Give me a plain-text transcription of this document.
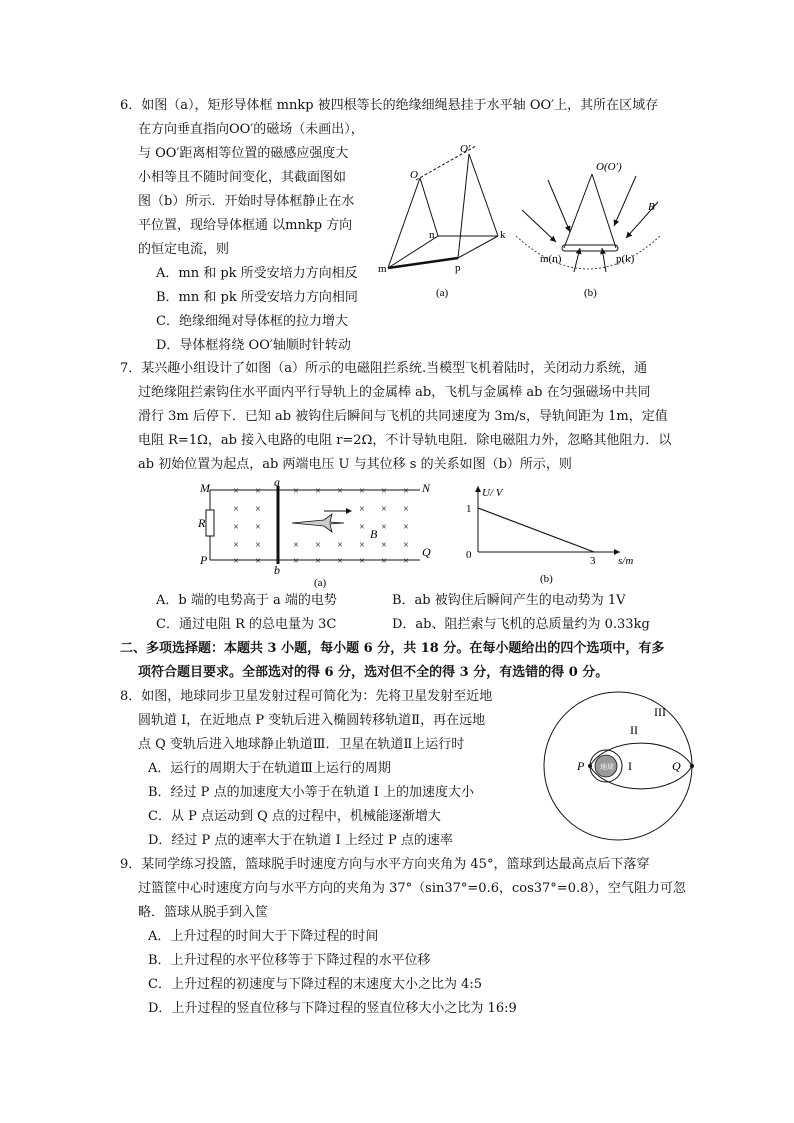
6．如图（a），矩形导体框 mnkp 被四根等长的绝缘细绳悬挂于水平轴 OO′上，其所在区域存
在方向垂直指向OO′的磁场（未画出），
与 OO′距离相等位置的磁感应强度大
小相等且不随时间变化，其截面图如
图（b）所示．开始时导体框静止在水
平位置，现给导体框通 以mnkp 方向
的恒定电流，则
A．mn 和 pk 所受安培力方向相反
B．mn 和 pk 所受安培力方向相同
C．绝缘细绳对导体框的拉力增大
D．导体框将绕 OO′轴顺时针转动
O
O′
m
n	k
p
(a)
O(O′)
B
m(n)	p(k)
(b)
7．某兴趣小组设计了如图（a）所示的电磁阻拦系统.当模型飞机着陆时，关闭动力系统，通
过绝缘阻拦索钩住水平面内平行导轨上的金属棒 ab，飞机与金属棒 ab 在匀强磁场中共同
滑行 3m 后停下．已知 ab 被钩住后瞬间与飞机的共同速度为 3m/s，导轨间距为 1m，定值
电阻 R=1Ω，ab 接入电路的电阻 r=2Ω，不计导轨电阻．除电磁阻力外，忽略其他阻力．以
ab 初始位置为起点，ab 两端电压 U 与其位移 s 的关系如图（b）所示，则
× ×	× × × × × ×
× ×	× × ×
× ×	× × ×
× ×	× × × × × ×
× ×	× × × × × ×
M	N
P
Q
R
a
b
B
(a)
U/ V
s/m
1
0	3
(b)
A．b 端的电势高于 a 端的电势	B．ab 被钩住后瞬间产生的电动势为 1V
C．通过电阻 R 的总电量为 3C	D．ab、阻拦索与飞机的总质量约为 0.33kg
二、多项选择题：本题共 3 小题，每小题 6 分，共 18 分。在每小题给出的四个选项中，有多
项符合题目要求。全部选对的得 6 分，选对但不全的得 3 分，有选错的得 0 分。
8．如图，地球同步卫星发射过程可简化为：先将卫星发射至近地
圆轨道 I，在近地点 P 变轨后进入椭圆转移轨道Ⅱ，再在远地
点 Q 变轨后进入地球静止轨道Ⅲ．卫星在轨道Ⅱ上运行时
A．运行的周期大于在轨道Ⅲ上运行的周期
B．经过 P 点的加速度大小等于在轨道 I 上的加速度大小
C．从 P 点运动到 Q 点的过程中，机械能逐渐增大
D．经过 P 点的速率大于在轨道 I 上经过 P 点的速率
地球
III
II
I
P	Q
9．某同学练习投篮，篮球脱手时速度方向与水平方向夹角为 45°，篮球到达最高点后下落穿
过篮筐中心时速度方向与水平方向的夹角为 37°（sin37°=0.6，cos37°=0.8），空气阻力可忽
略．篮球从脱手到入筐
A．上升过程的时间大于下降过程的时间
B．上升过程的水平位移等于下降过程的水平位移
C．上升过程的初速度与下降过程的末速度大小之比为 4:5
D．上升过程的竖直位移与下降过程的竖直位移大小之比为 16:9
